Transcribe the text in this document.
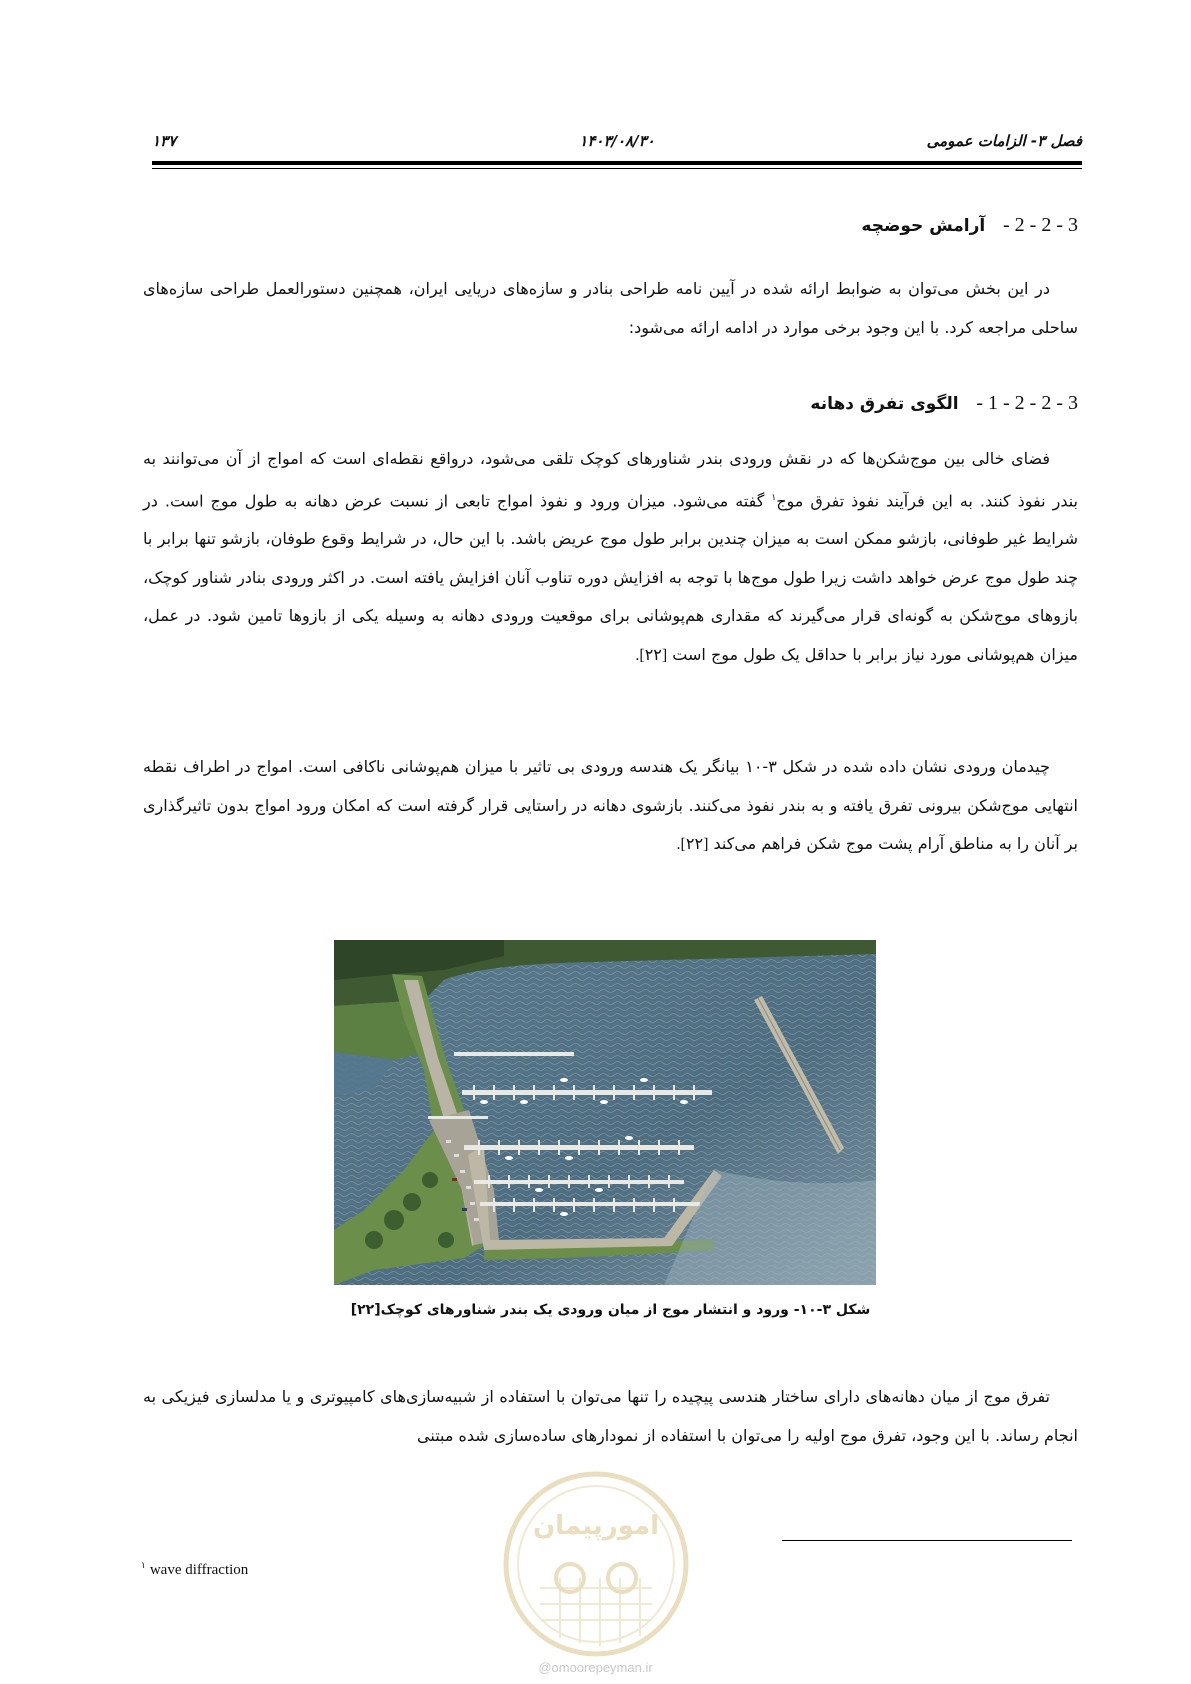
فصل ۳- الزامات عمومی
۱۴۰۳/۰۸/۳۰
۱۳۷
3 - 2 - 2 -   آرامش حوضچه
در این بخش می‌توان به ضوابط ارائه شده در آیین نامه طراحی بنادر و سازه‌های دریایی ایران، همچنین دستورالعمل طراحی سازه‌های ساحلی مراجعه کرد. با این وجود برخی موارد در ادامه ارائه می‌شود:
3 - 2 - 2 - 1 -   الگوی تفرق دهانه
فضای خالی بین موج‌شکن‌ها که در نقش ورودی بندر شناورهای کوچک تلقی می‌شود، درواقع نقطه‌ای است که امواج از آن می‌توانند به بندر نفوذ کنند. به این فرآیند نفوذ تفرق موج$^۱$ گفته می‌شود. میزان ورود و نفوذ امواج تابعی از نسبت عرض دهانه به طول موج است. در شرایط غیر طوفانی، بازشو ممکن است به میزان چندین برابر طول موج عریض باشد. با این حال، در شرایط وقوع طوفان، بازشو تنها برابر با چند طول موج عرض خواهد داشت زیرا طول موج‌ها با توجه به افزایش دوره تناوب آنان افزایش یافته است. در اکثر ورودی بنادر شناور کوچک، بازوهای موج‌شکن به گونه‌ای قرار می‌گیرند که مقداری هم‌پوشانی برای موقعیت ورودی دهانه به وسیله یکی از بازوها تامین شود. در عمل، میزان هم‌پوشانی مورد نیاز برابر با حداقل یک طول موج است [۲۲].
چیدمان ورودی نشان داده شده در شکل ۳-۱۰ بیانگر یک هندسه ورودی بی تاثیر با میزان هم‌پوشانی ناکافی است. امواج در اطراف نقطه انتهایی موج‌شکن بیرونی تفرق یافته و به بندر نفوذ می‌کنند. بازشوی دهانه در راستایی قرار گرفته است که امکان ورود امواج بدون تاثیرگذاری بر آنان را به مناطق آرام پشت موج شکن فراهم می‌کند [۲۲].
شکل ۳-۱۰- ورود و انتشار موج از میان ورودی یک بندر شناورهای کوچک[۲۲]
تفرق موج از میان دهانه‌های دارای ساختار هندسی پیچیده را تنها می‌توان با استفاده از شبیه‌سازی‌های کامپیوتری و یا مدلسازی فیزیکی به انجام رساند. با این وجود، تفرق موج اولیه را می‌توان با استفاده از نمودارهای ساده‌سازی شده مبتنی
$^۱$ wave diffraction
امورپیمان
@omoorepeyman.ir
